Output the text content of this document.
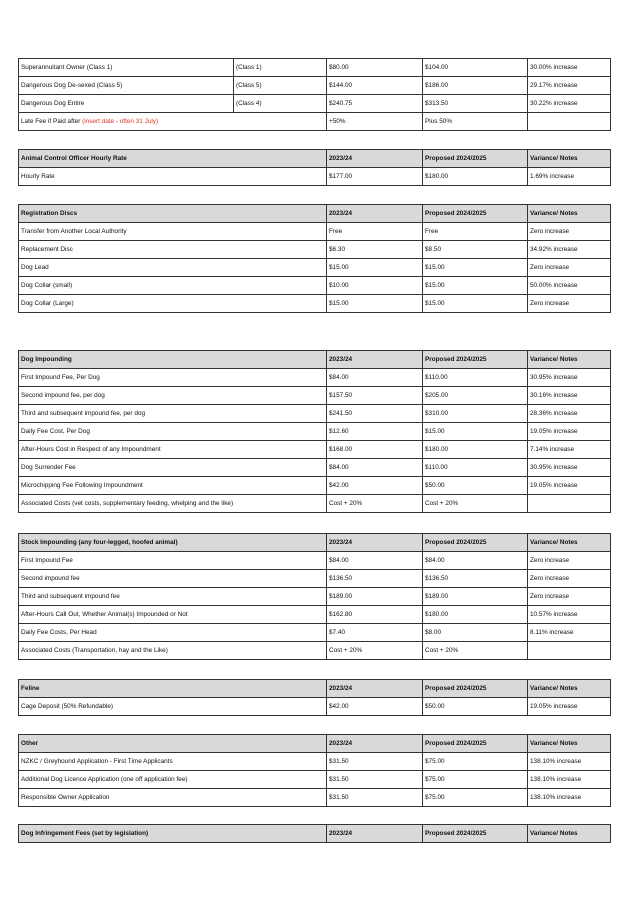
Superannuitant Owner (Class 1)	(Class 1)	$80.00	$104.00	30.00% increase
Dangerous Dog De-sexed (Class 5)	(Class 5)	$144.00	$186.00	29.17% increase
Dangerous Dog Entire	(Class 4)	$240.75	$313.50	30.22% increase
Late Fee if Paid after (insert date - often 31 July)		+50%	Plus 50%	
Animal Control Officer Hourly Rate	2023/24	Proposed 2024/2025	Variance/ Notes
Hourly Rate	$177.00	$180.00	1.69% increase
Registration Discs	2023/24	Proposed 2024/2025	Variance/ Notes
Transfer from Another Local Authority	Free	Free	Zero increase
Replacement Disc	$6.30	$8.50	34.92% increase
Dog Lead	$15.00	$15.00	Zero increase
Dog Collar (small)	$10.00	$15.00	50.00% increase
Dog Collar (Large)	$15.00	$15.00	Zero increase
Dog Impounding	2023/24	Proposed 2024/2025	Variance/ Notes
First Impound Fee, Per Dog	$84.00	$110.00	30.95% increase
Second impound fee, per dog	$157.50	$205.00	30.16% increase
Third and subsequent impound fee, per dog	$241.50	$310.00	28.36% increase
Daily Fee Cost, Per Dog	$12.60	$15.00	19.05% increase
After-Hours Cost in Respect of any Impoundment	$168.00	$180.00	7.14% increase
Dog Surrender Fee	$84.00	$110.00	30.95% increase
Microchipping Fee Following Impoundment	$42.00	$50.00	19.05% increase
Associated Costs (vet costs, supplementary feeding, whelping and the like)	Cost + 20%	Cost + 20%	
Stock Impounding (any four-legged, hoofed animal)	2023/24	Proposed 2024/2025	Variance/ Notes
First Impound Fee	$84.00	$84.00	Zero increase
Second impound fee	$136.50	$136.50	Zero increase
Third and subsequent impound fee	$189.00	$189.00	Zero increase
After-Hours Call Out, Whether Animal(s) Impounded or Not	$162.80	$180.00	10.57% increase
Daily Fee Costs, Per Head	$7.40	$8.00	8.11% increase
Associated Costs (Transportation, hay and the Like)	Cost + 20%	Cost + 20%	
Feline	2023/24	Proposed 2024/2025	Variance/ Notes
Cage Deposit (50% Refundable)	$42.00	$50.00	19.05% increase
Other	2023/24	Proposed 2024/2025	Variance/ Notes
NZKC / Greyhound Application - First Time Applicants	$31.50	$75.00	138.10% increase
Additional Dog Licence Application (one off application fee)	$31.50	$75.00	138.10% increase
Responsible Owner Application	$31.50	$75.00	138.10% increase
Dog Infringement Fees (set by legislation)	2023/24	Proposed 2024/2025	Variance/ Notes
